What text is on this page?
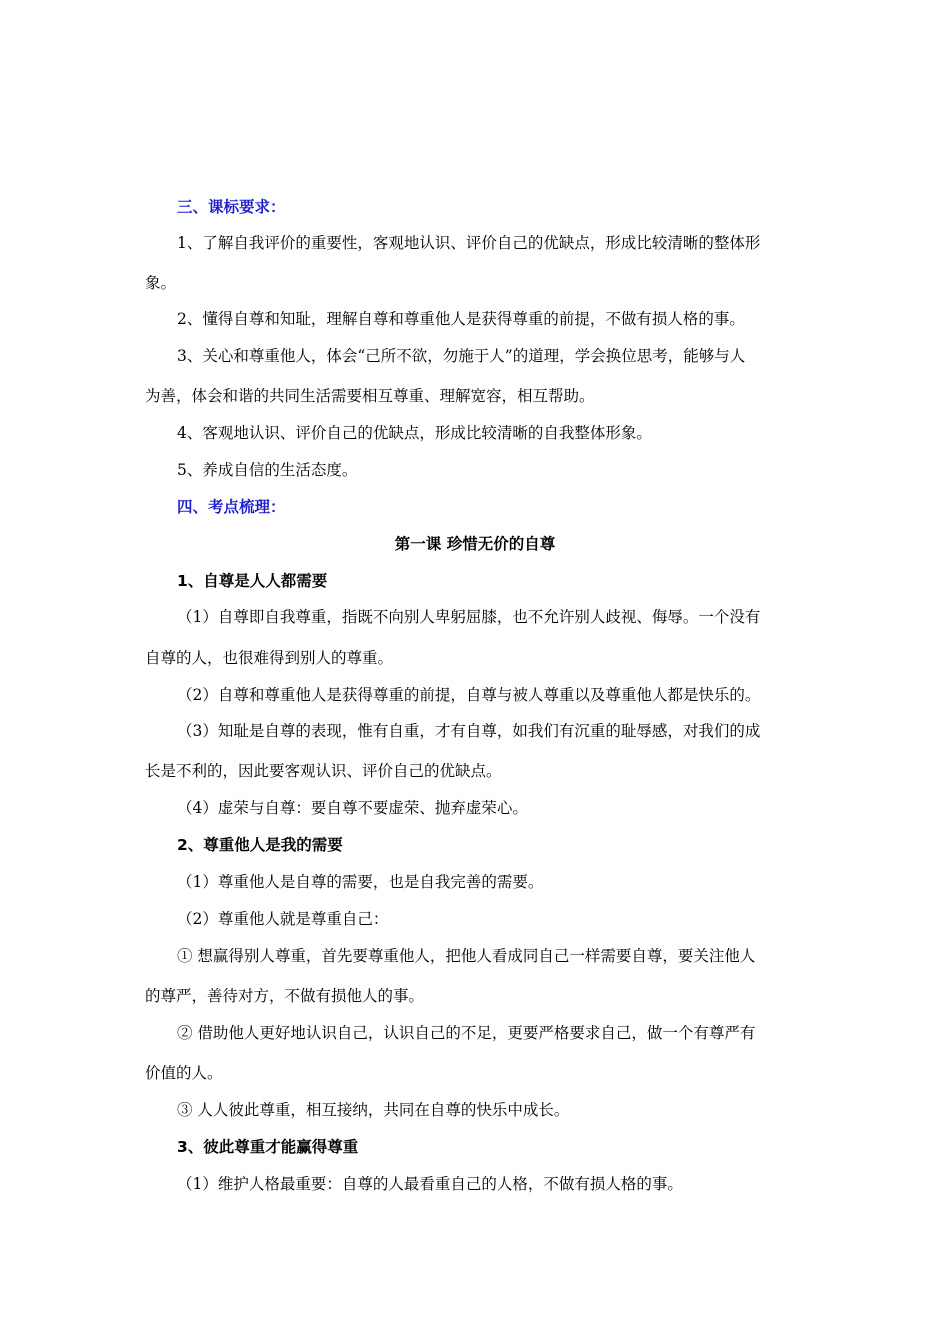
三、课标要求：
1、了解自我评价的重要性，客观地认识、评价自己的优缺点，形成比较清晰的整体形
象。
2、懂得自尊和知耻，理解自尊和尊重他人是获得尊重的前提，不做有损人格的事。
3、关心和尊重他人，体会“己所不欲，勿施于人”的道理，学会换位思考，能够与人
为善，体会和谐的共同生活需要相互尊重、理解宽容，相互帮助。
4、客观地认识、评价自己的优缺点，形成比较清晰的自我整体形象。
5、养成自信的生活态度。
四、考点梳理：
第一课 珍惜无价的自尊
1、自尊是人人都需要
（1）自尊即自我尊重，指既不向别人卑躬屈膝，也不允许别人歧视、侮辱。一个没有
自尊的人，也很难得到别人的尊重。
（2）自尊和尊重他人是获得尊重的前提，自尊与被人尊重以及尊重他人都是快乐的。
（3）知耻是自尊的表现，惟有自重，才有自尊，如我们有沉重的耻辱感，对我们的成
长是不利的，因此要客观认识、评价自己的优缺点。
（4）虚荣与自尊：要自尊不要虚荣、抛弃虚荣心。
2、尊重他人是我的需要
（1）尊重他人是自尊的需要，也是自我完善的需要。
（2）尊重他人就是尊重自己：
① 想赢得别人尊重，首先要尊重他人，把他人看成同自己一样需要自尊，要关注他人
的尊严，善待对方，不做有损他人的事。
② 借助他人更好地认识自己，认识自己的不足，更要严格要求自己，做一个有尊严有
价值的人。
③ 人人彼此尊重，相互接纳，共同在自尊的快乐中成长。
3、彼此尊重才能赢得尊重
（1）维护人格最重要：自尊的人最看重自己的人格，不做有损人格的事。
